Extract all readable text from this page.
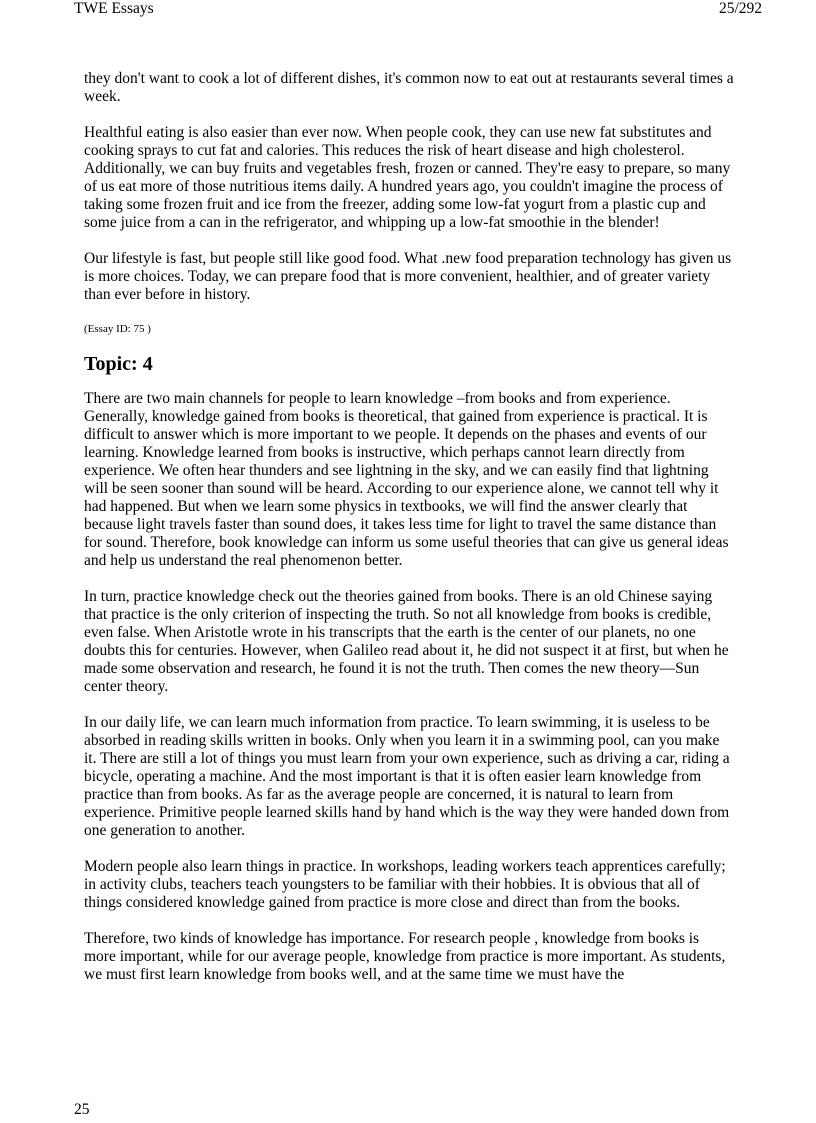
TWE Essays	25/292

they don't want to cook a lot of different dishes, it's common now to eat out at restaurants several times a week.

Healthful eating is also easier than ever now. When people cook, they can use new fat substitutes and cooking sprays to cut fat and calories. This reduces the risk of heart disease and high cholesterol. Additionally, we can buy fruits and vegetables fresh, frozen or canned. They're easy to prepare, so many of us eat more of those nutritious items daily. A hundred years ago, you couldn't imagine the process of taking some frozen fruit and ice from the freezer, adding some low-fat yogurt from a plastic cup and some juice from a can in the refrigerator, and whipping up a low-fat smoothie in the blender!

Our lifestyle is fast, but people still like good food. What .new food preparation technology has given us is more choices. Today, we can prepare food that is more convenient, healthier, and of greater variety than ever before in history.

(Essay ID: 75 )

Topic: 4

There are two main channels for people to learn knowledge –from books and from experience. Generally, knowledge gained from books is theoretical, that gained from experience is practical. It is difficult to answer which is more important to we people. It depends on the phases and events of our learning. Knowledge learned from books is instructive, which perhaps cannot learn directly from experience. We often hear thunders and see lightning in the sky, and we can easily find that lightning will be seen sooner than sound will be heard. According to our experience alone, we cannot tell why it had happened. But when we learn some physics in textbooks, we will find the answer clearly that because light travels faster than sound does, it takes less time for light to travel the same distance than for sound. Therefore, book knowledge can inform us some useful theories that can give us general ideas and help us understand the real phenomenon better.

In turn, practice knowledge check out the theories gained from books. There is an old Chinese saying that practice is the only criterion of inspecting the truth. So not all knowledge from books is credible, even false. When Aristotle wrote in his transcripts that the earth is the center of our planets, no one doubts this for centuries. However, when Galileo read about it, he did not suspect it at first, but when he made some observation and research, he found it is not the truth. Then comes the new theory—Sun center theory.

In our daily life, we can learn much information from practice. To learn swimming, it is useless to be absorbed in reading skills written in books. Only when you learn it in a swimming pool, can you make it. There are still a lot of things you must learn from your own experience, such as driving a car, riding a bicycle, operating a machine. And the most important is that it is often easier learn knowledge from practice than from books. As far as the average people are concerned, it is natural to learn from experience. Primitive people learned skills hand by hand which is the way they were handed down from one generation to another.

Modern people also learn things in practice. In workshops, leading workers teach apprentices carefully; in activity clubs, teachers teach youngsters to be familiar with their hobbies. It is obvious that all of things considered knowledge gained from practice is more close and direct than from the books.

Therefore, two kinds of knowledge has importance. For research people , knowledge from books is more important, while for our average people, knowledge from practice is more important. As students, we must first learn knowledge from books well, and at the same time we must have the

25
